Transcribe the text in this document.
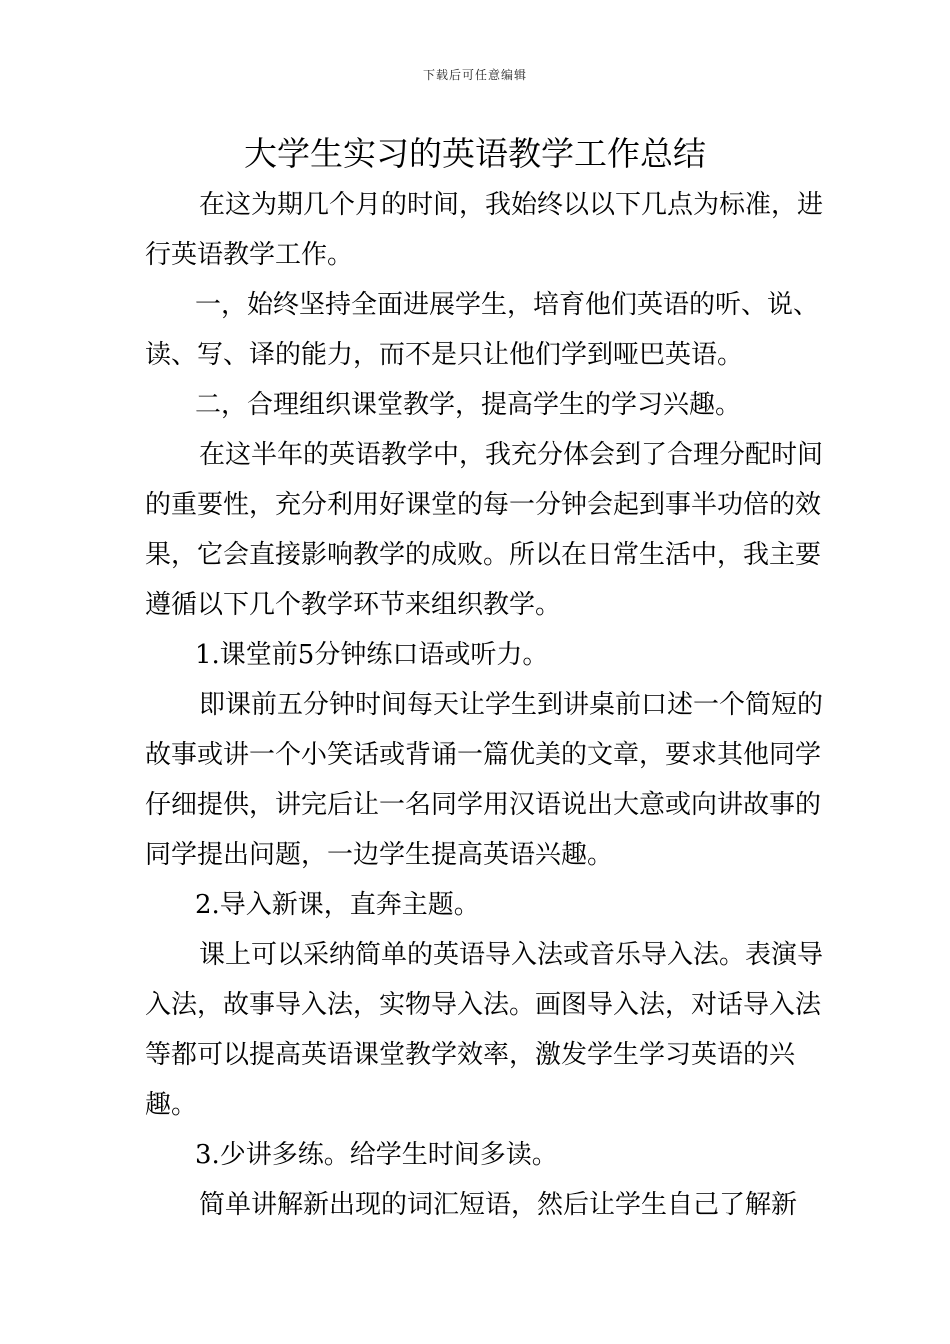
下载后可任意编辑
大学生实习的英语教学工作总结

在这为期几个月的时间，我始终以以下几点为标准，进行英语教学工作。

一，始终坚持全面进展学生，培育他们英语的听、说、读、写、译的能力，而不是只让他们学到哑巴英语。

二，合理组织课堂教学，提高学生的学习兴趣。

在这半年的英语教学中，我充分体会到了合理分配时间的重要性，充分利用好课堂的每一分钟会起到事半功倍的效果，它会直接影响教学的成败。所以在日常生活中，我主要遵循以下几个教学环节来组织教学。

1.课堂前5分钟练口语或听力。

即课前五分钟时间每天让学生到讲桌前口述一个简短的故事或讲一个小笑话或背诵一篇优美的文章，要求其他同学仔细提供，讲完后让一名同学用汉语说出大意或向讲故事的同学提出问题，一边学生提高英语兴趣。

2.导入新课，直奔主题。

课上可以采纳简单的英语导入法或音乐导入法。表演导入法，故事导入法，实物导入法。画图导入法，对话导入法等都可以提高英语课堂教学效率，激发学生学习英语的兴趣。

3.少讲多练。给学生时间多读。

简单讲解新出现的词汇短语，然后让学生自己了解新
